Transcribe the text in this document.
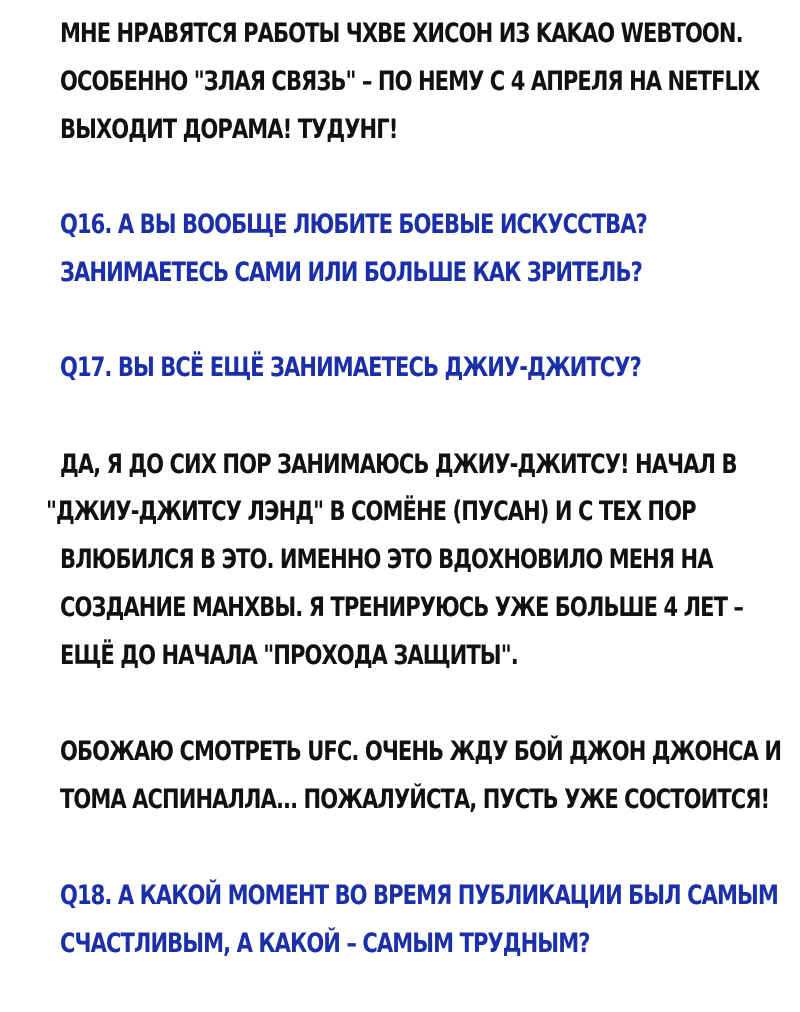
МНЕ НРАВЯТСЯ РАБОТЫ ЧХВЕ ХИСОН ИЗ KAKAO WEBTOON.
ОСОБЕННО "ЗЛАЯ СВЯЗЬ" – ПО НЕМУ С 4 АПРЕЛЯ НА NETFLIX
ВЫХОДИТ ДОРАМА! ТУДУНГ!
Q16. А ВЫ ВООБЩЕ ЛЮБИТЕ БОЕВЫЕ ИСКУССТВА?
ЗАНИМАЕТЕСЬ САМИ ИЛИ БОЛЬШЕ КАК ЗРИТЕЛЬ?
Q17. ВЫ ВСЁ ЕЩЁ ЗАНИМАЕТЕСЬ ДЖИУ-ДЖИТСУ?
ДА, Я ДО СИХ ПОР ЗАНИМАЮСЬ ДЖИУ-ДЖИТСУ! НАЧАЛ В
"ДЖИУ-ДЖИТСУ ЛЭНД" В СОМЁНЕ (ПУСАН) И С ТЕХ ПОР
ВЛЮБИЛСЯ В ЭТО. ИМЕННО ЭТО ВДОХНОВИЛО МЕНЯ НА
СОЗДАНИЕ МАНХВЫ. Я ТРЕНИРУЮСЬ УЖЕ БОЛЬШЕ 4 ЛЕТ –
ЕЩЁ ДО НАЧАЛА "ПРОХОДА ЗАЩИТЫ".
ОБОЖАЮ СМОТРЕТЬ UFC. ОЧЕНЬ ЖДУ БОЙ ДЖОН ДЖОНСА И
ТОМА АСПИНАЛЛА... ПОЖАЛУЙСТА, ПУСТЬ УЖЕ СОСТОИТСЯ!
Q18. А КАКОЙ МОМЕНТ ВО ВРЕМЯ ПУБЛИКАЦИИ БЫЛ САМЫМ
СЧАСТЛИВЫМ, А КАКОЙ – САМЫМ ТРУДНЫМ?
